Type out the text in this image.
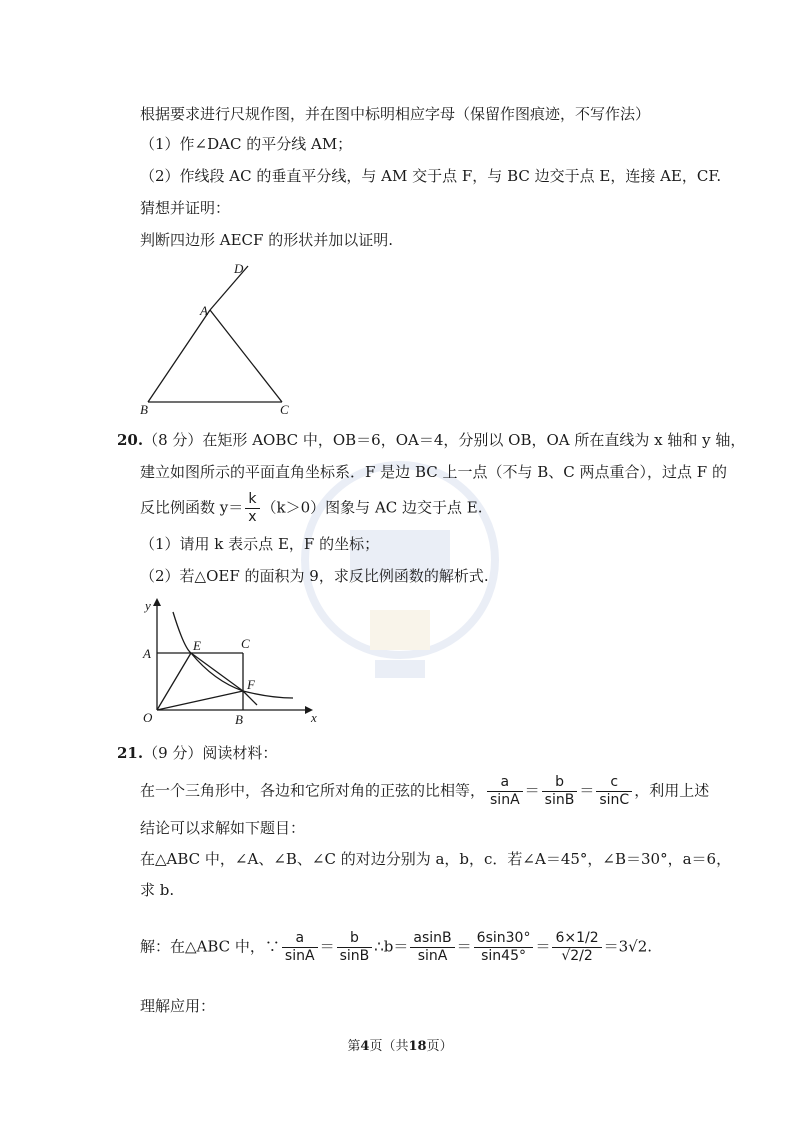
根据要求进行尺规作图，并在图中标明相应字母（保留作图痕迹，不写作法）
（1）作∠DAC 的平分线 AM；
（2）作线段 AC 的垂直平分线，与 AM 交于点 F，与 BC 边交于点 E，连接 AE，CF.
猜想并证明：
判断四边形 AECF 的形状并加以证明.
D
A
B	C
20.（8 分）在矩形 AOBC 中，OB＝6，OA＝4，分别以 OB，OA 所在直线为 x 轴和 y 轴，
建立如图所示的平面直角坐标系．F 是边 BC 上一点（不与 B、C 两点重合），过点 F 的
反比例函数 $y= \frac{k}{x} (k>0)$图象与 AC 边交于点 E.
（1）请用 k 表示点 E，F 的坐标；
（2）若△OEF 的面积为 9，求反比例函数的解析式.
y
x
O
A
B
C
E
F
21.（9 分）阅读材料：
在一个三角形中，各边和它所对角的正弦的比相等， $\frac{a}{\sin A} = \frac{b}{\sin B} = \frac{c}{\sin C}$ ，利用上述
结论可以求解如下题目：
在△ABC 中，∠A、∠B、∠C 的对边分别为 a，b，c．若∠A＝45°，∠B＝30°，a＝6，
求 b.
解：在△ABC 中，∵ $\frac{a}{\sin A} = \frac{b}{\sin B}$ ∴b＝ $\frac{asinB}{\sin A} = \frac{6\sin 30^\circ}{\sin 45^\circ} = \frac{6\times 1/2}{√2/2} =3√2$.
理解应用：
第4页（共18页）
